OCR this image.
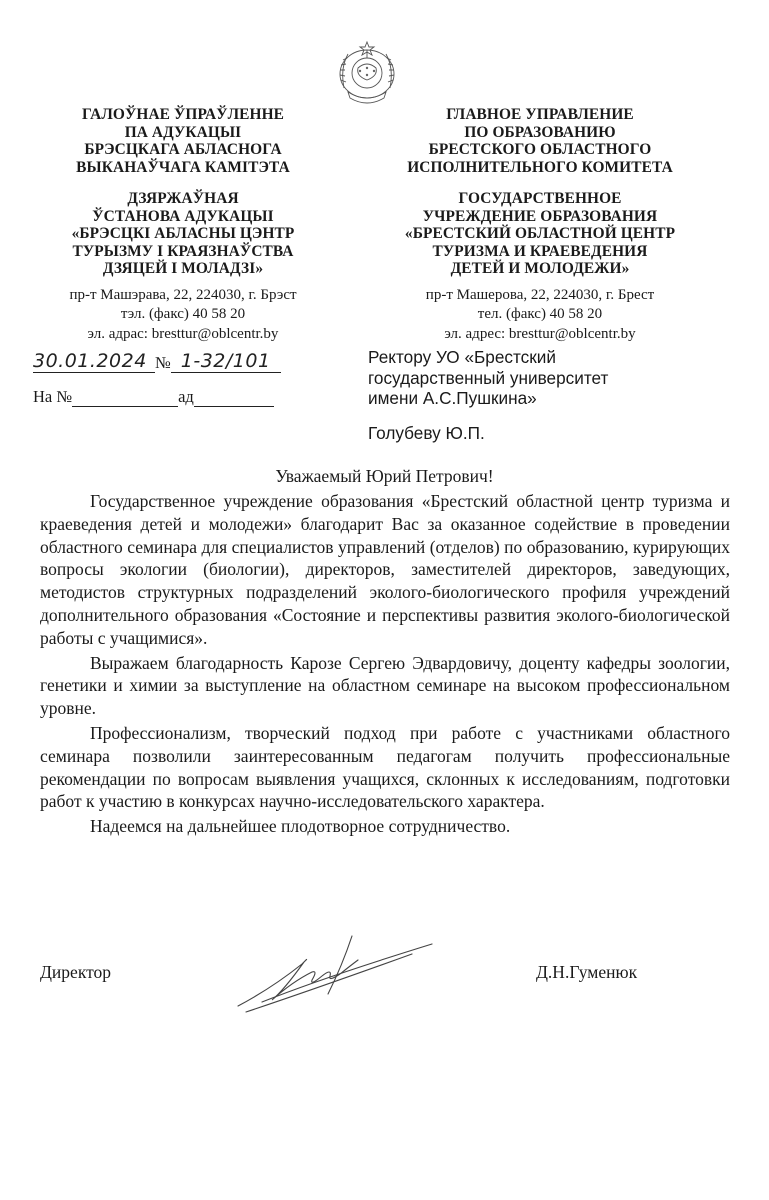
ГАЛОЎНАЕ ЎПРАЎЛЕННЕ
ПА АДУКАЦЫІ
БРЭСЦКАГА АБЛАСНОГА
ВЫКАНАЎЧАГА КАМІТЭТА
ДЗЯРЖАЎНАЯ
ЎСТАНОВА АДУКАЦЫІ
«БРЭСЦКІ АБЛАСНЫ ЦЭНТР
ТУРЫЗМУ І КРАЯЗНАЎСТВА
ДЗЯЦЕЙ І МОЛАДЗІ»
пр-т Машэрава, 22, 224030, г. Брэст
тэл. (факс) 40 58 20
эл. адрас: bresttur@oblcentr.by
ГЛАВНОЕ УПРАВЛЕНИЕ
ПО ОБРАЗОВАНИЮ
БРЕСТСКОГО ОБЛАСТНОГО
ИСПОЛНИТЕЛЬНОГО КОМИТЕТА
ГОСУДАРСТВЕННОЕ
УЧРЕЖДЕНИЕ ОБРАЗОВАНИЯ
«БРЕСТСКИЙ ОБЛАСТНОЙ ЦЕНТР
ТУРИЗМА И КРАЕВЕДЕНИЯ
ДЕТЕЙ И МОЛОДЕЖИ»
пр-т Машерова, 22, 224030, г. Брест
тел. (факс) 40 58 20
эл. адрес: bresttur@oblcentr.by
30.01.2024 № 1-32/101
На №	ад
Ректору УО «Брестский
государственный университет
имени А.С.Пушкина»
Голубеву Ю.П.
Уважаемый Юрий Петрович!

Государственное учреждение образования «Брестский областной центр туризма и краеведения детей и молодежи» благодарит Вас за оказанное содействие в проведении областного семинара для специалистов управлений (отделов) по образованию, курирующих вопросы экологии (биологии), директоров, заместителей директоров, заведующих, методистов структурных подразделений эколого-биологического профиля учреждений дополнительного образования «Состояние и перспективы развития эколого-биологической работы с учащимися».

Выражаем благодарность Карозе Сергею Эдвардовичу, доценту кафедры зоологии, генетики и химии за выступление на областном семинаре на высоком профессиональном уровне.

Профессионализм, творческий подход при работе с участниками областного семинара позволили заинтересованным педагогам получить профессиональные рекомендации по вопросам выявления учащихся, склонных к исследованиям, подготовки работ к участию в конкурсах научно-исследовательского характера.

Надеемся на дальнейшее плодотворное сотрудничество.

Директор	Д.Н.Гуменюк
